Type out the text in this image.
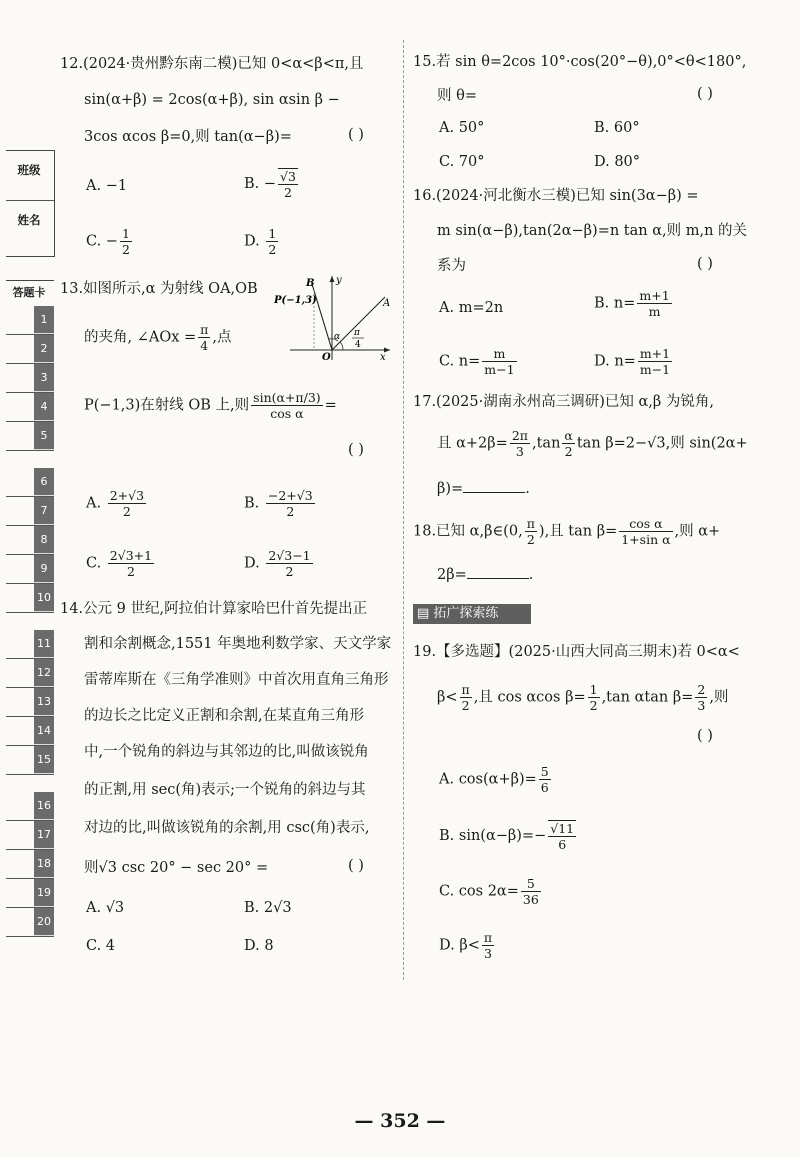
班级
姓名
答题卡
1
2
3
4
5
6
7
8
9
10
11
12
13
14
15
16
17
18
19
20
12.(2024·贵州黔东南二模)已知 0<α<β<π,且
sin(α+β) = 2cos(α+β), sin αsin β −
3cos αcos β=0,则 tan(α−β)=	( )
A. −1	B. − $\frac{√3}{2}$
C. − $\frac{1}{2}$	D. $\frac{1}{2}$
13.如图所示,α 为射线 OA,OB
的夹角, ∠AOx = $\frac{\pi}{4}$ ,点
P(−1,3)在射线 OB 上,则 $\frac{\sin(\alpha+\pi/3)}{\text{cos α}}$ =
( )
B y
P(−1,3)	A
α π
4
O	x
A. $\frac{2+√3}{2}$	B. $\frac{-2+√3}{2}$
C. $\frac{2√3+1}{2}$	D. $\frac{2√3-1}{2}$
14.公元 9 世纪,阿拉伯计算家哈巴什首先提出正
割和余割概念,1551 年奥地利数学家、天文学家
雷蒂库斯在《三角学准则》中首次用直角三角形
的边长之比定义正割和余割,在某直角三角形
中,一个锐角的斜边与其邻边的比,叫做该锐角
的正割,用 sec(角)表示;一个锐角的斜边与其
对边的比,叫做该锐角的余割,用 csc(角)表示,
则√3 csc 20° − sec 20° =	( )
A. √3	B. 2√3
C. 4	D. 8
15.若 sin θ=2cos 10°·cos(20°−θ),0°<θ<180°,
则 θ=	( )
A. 50°	B. 60°
C. 70°	D. 80°
16.(2024·河北衡水三模)已知 sin(3α−β) =
m sin(α−β),tan(2α−β)=n tan α,则 m,n 的关
系为	( )
A. m=2n	B. $n= \frac{m+1}{m}$
C. $n= \frac{m}{m-1}$	D. $n= \frac{m+1}{m-1}$
17.(2025·湖南永州高三调研)已知 α,β 为锐角,
且 $\alpha+2\beta= \frac{2\pi}{3} ,\tan \frac{\alpha}{2}$ tan β=2−√3,则 sin(2α+
β)=	.
18.已知 α,β∈(0, $\frac{\pi}{2}$ ),且 $\tan \beta= \frac{\text{cos α}}{\text{1+sin α}}$ ,则 α+
2β=	.
▤ 拓广探索练
19.【多选题】(2025·山西大同高三期末)若 0<α<
$\beta< \frac{\pi}{2}$ ,且 cos αcos $\beta= \frac{1}{2} ,\tan$ αtan $\beta= \frac{2}{3}$ ,则
( )
A. $\cos(\alpha+\beta)= \frac{5}{6}$
B. $\sin(\alpha-\beta)=- \frac{√11}{6}$
C. $\cos 2\alpha= \frac{5}{36}$
D. $\beta< \frac{\pi}{3}$
— 352 —
